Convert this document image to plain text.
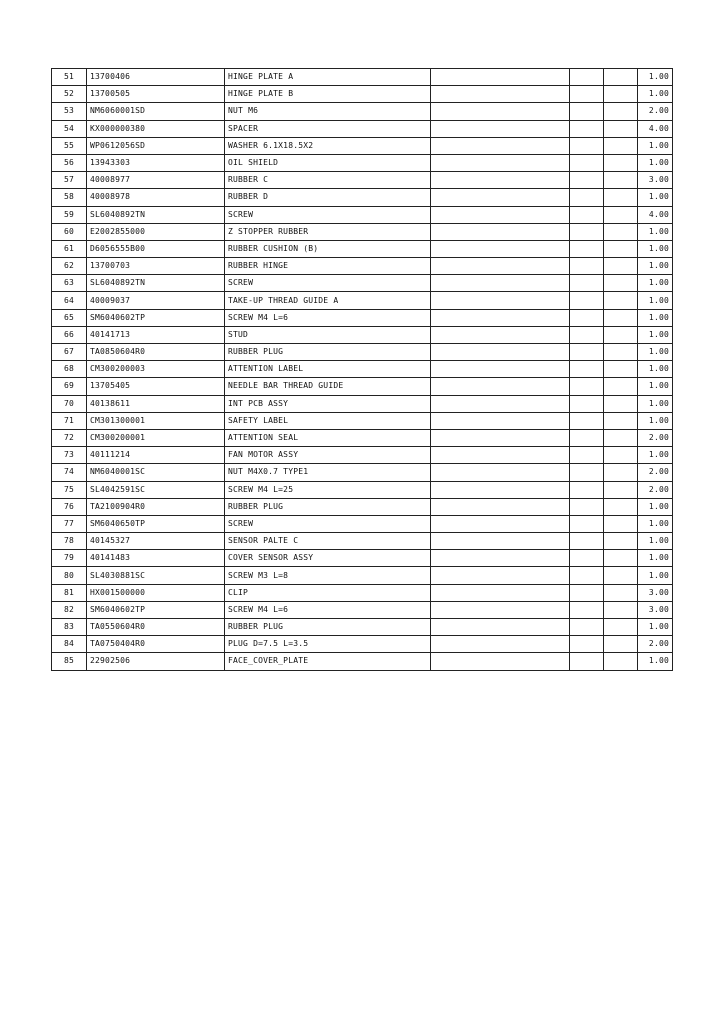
51	13700406	HINGE PLATE A				1.00
52	13700505	HINGE PLATE B				1.00
53	NM6060001SD	NUT M6				2.00
54	KX000000380	SPACER				4.00
55	WP0612056SD	WASHER 6.1X18.5X2				1.00
56	13943303	OIL SHIELD				1.00
57	40008977	RUBBER C				3.00
58	40008978	RUBBER D				1.00
59	SL6040892TN	SCREW				4.00
60	E2002855000	Z STOPPER RUBBER				1.00
61	D6056555B00	RUBBER CUSHION (B)				1.00
62	13700703	RUBBER HINGE				1.00
63	SL6040892TN	SCREW				1.00
64	40009037	TAKE-UP THREAD GUIDE A				1.00
65	SM6040602TP	SCREW M4 L=6				1.00
66	40141713	STUD				1.00
67	TA0850604R0	RUBBER PLUG				1.00
68	CM300200003	ATTENTION LABEL				1.00
69	13705405	NEEDLE BAR THREAD GUIDE				1.00
70	40138611	INT PCB ASSY				1.00
71	CM301300001	SAFETY LABEL				1.00
72	CM300200001	ATTENTION SEAL				2.00
73	40111214	FAN MOTOR ASSY				1.00
74	NM6040001SC	NUT M4X0.7 TYPE1				2.00
75	SL4042591SC	SCREW M4 L=25				2.00
76	TA2100904R0	RUBBER PLUG				1.00
77	SM6040650TP	SCREW				1.00
78	40145327	SENSOR PALTE C				1.00
79	40141483	COVER SENSOR ASSY				1.00
80	SL4030881SC	SCREW M3 L=8				1.00
81	HX001500000	CLIP				3.00
82	SM6040602TP	SCREW M4 L=6				3.00
83	TA0550604R0	RUBBER PLUG				1.00
84	TA0750404R0	PLUG D=7.5 L=3.5				2.00
85	22902506	FACE_COVER_PLATE				1.00
